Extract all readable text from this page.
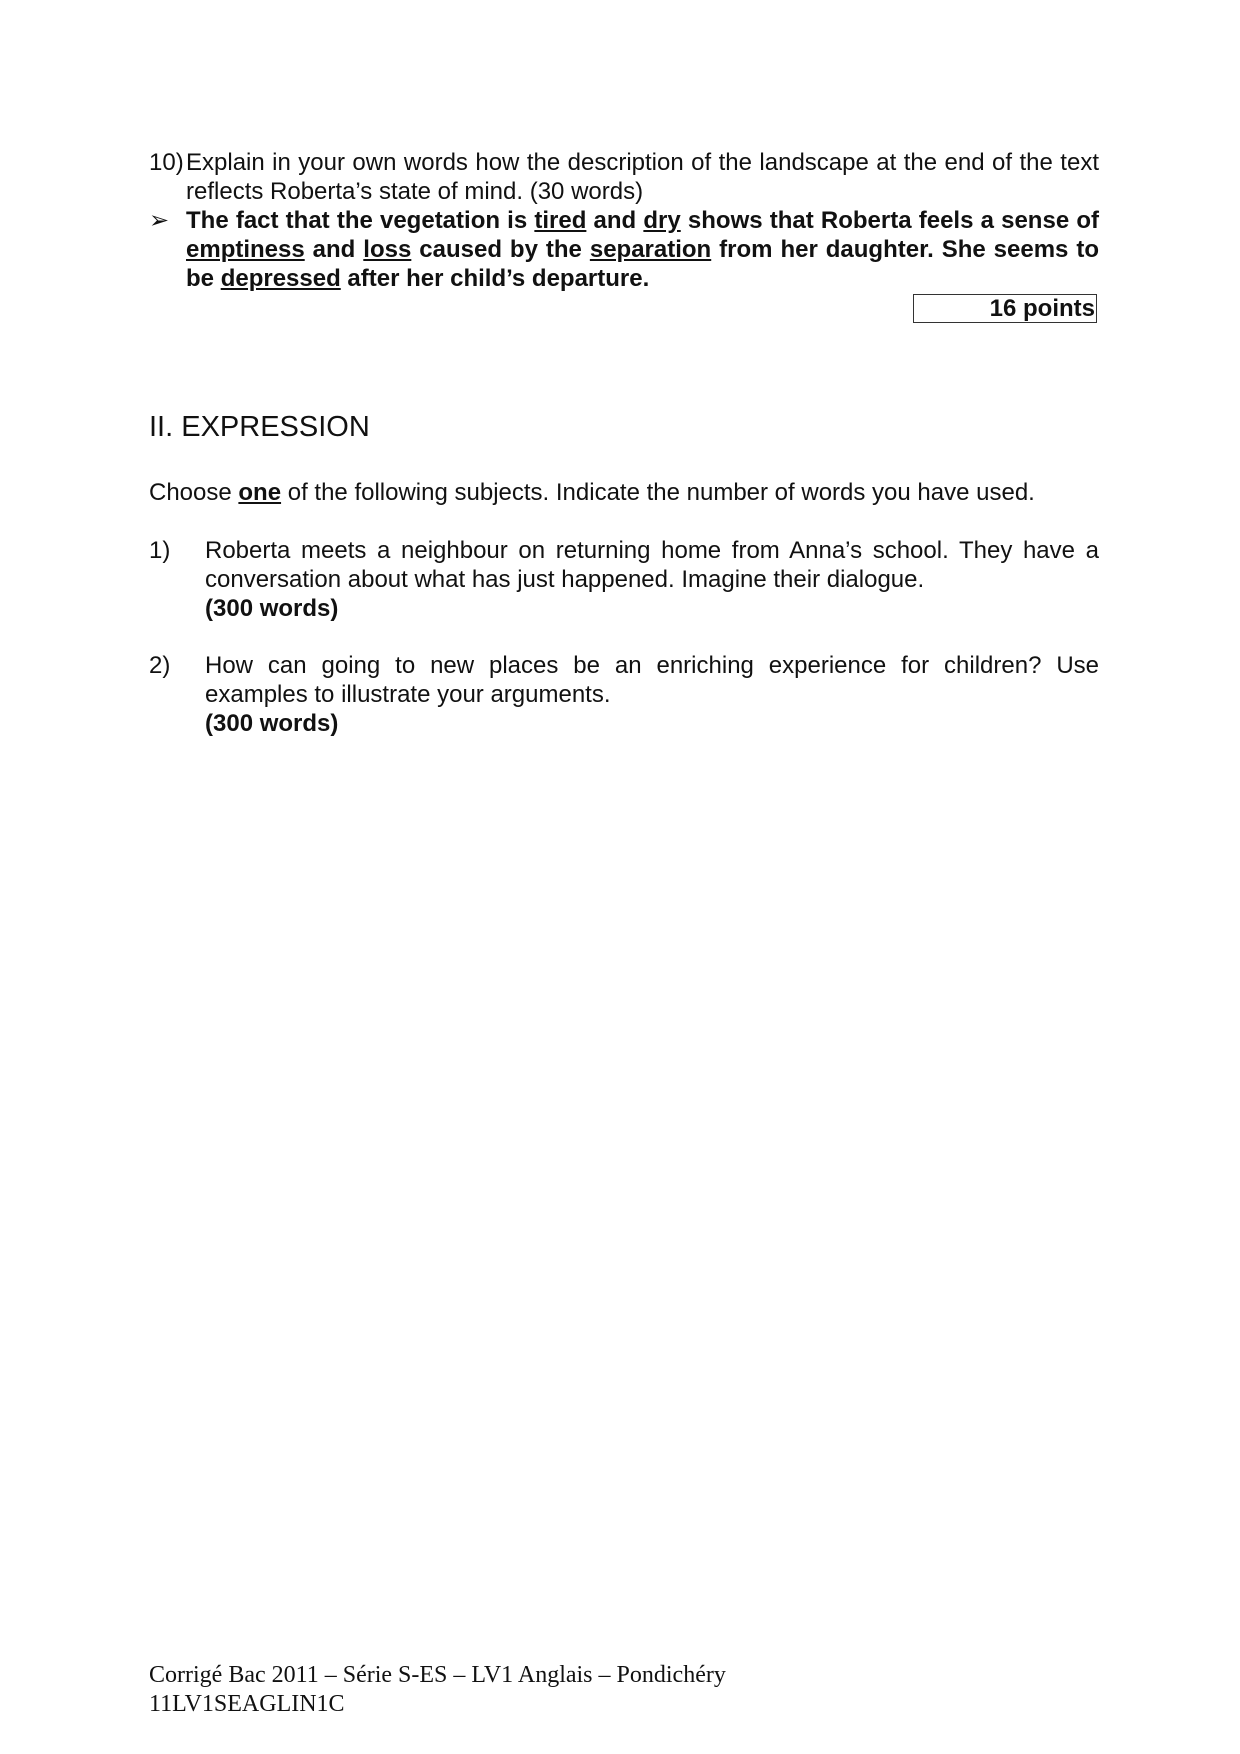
10) Explain in your own words how the description of the landscape at the end of the text reflects Roberta’s state of mind. (30 words)
➢ The fact that the vegetation is tired and dry shows that Roberta feels a sense of emptiness and loss caused by the separation from her daughter. She seems to be depressed after her child’s departure.
16 points
II. EXPRESSION
Choose one of the following subjects. Indicate the number of words you have used.
1)	Roberta meets a neighbour on returning home from Anna’s school. They have a conversation about what has just happened. Imagine their dialogue.
(300 words)
2)	How can going to new places be an enriching experience for children? Use examples to illustrate your arguments.
(300 words)
Corrigé Bac 2011 – Série S-ES – LV1 Anglais – Pondichéry
11LV1SEAGLIN1C
